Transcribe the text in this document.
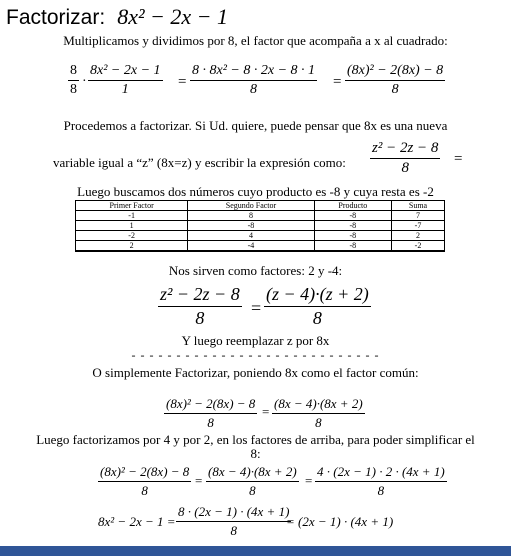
Factorizar: 8x² − 2x − 1
Multiplicamos y dividimos por 8, el factor que acompaña a x al cuadrado:
8
8
·
8x² − 2x − 1
1	=
8 · 8x² − 8 · 2x − 8 · 1
8	=
(8x)² − 2(8x) − 8
8
Procedemos a factorizar. Si Ud. quiere, puede pensar que 8x es una nueva
variable igual a “z” (8x=z) y escribir la expresión como:
z² − 2z − 8
8
=
Luego buscamos dos números cuyo producto es -8 y cuya resta es -2
Primer Factor	Segundo Factor	Producto	Suma
-1	8	-8	7
1	-8	-8	-7
-2	4	-8	2
2	-4	-8	-2
Nos sirven como factores: 2 y -4:
z² − 2z − 8
8	=
(z − 4)·(z + 2)
8
Y luego reemplazar z por 8x
- - - - - - - - - - - - - - - - - - - - - - - - - - - -
O simplemente Factorizar, poniendo 8x como el factor común:
(8x)² − 2(8x) − 8
8
=
(8x − 4)·(8x + 2)
8
Luego factorizamos por 4 y por 2, en los factores de arriba, para poder simplificar el
8:
(8x)² − 2(8x) − 8
8
=
(8x − 4)·(8x + 2)
8
=
4 · (2x − 1) · 2 · (4x + 1)
8
8x² − 2x − 1 =
8 · (2x − 1) · (4x + 1)
8
= (2x − 1) · (4x + 1)
